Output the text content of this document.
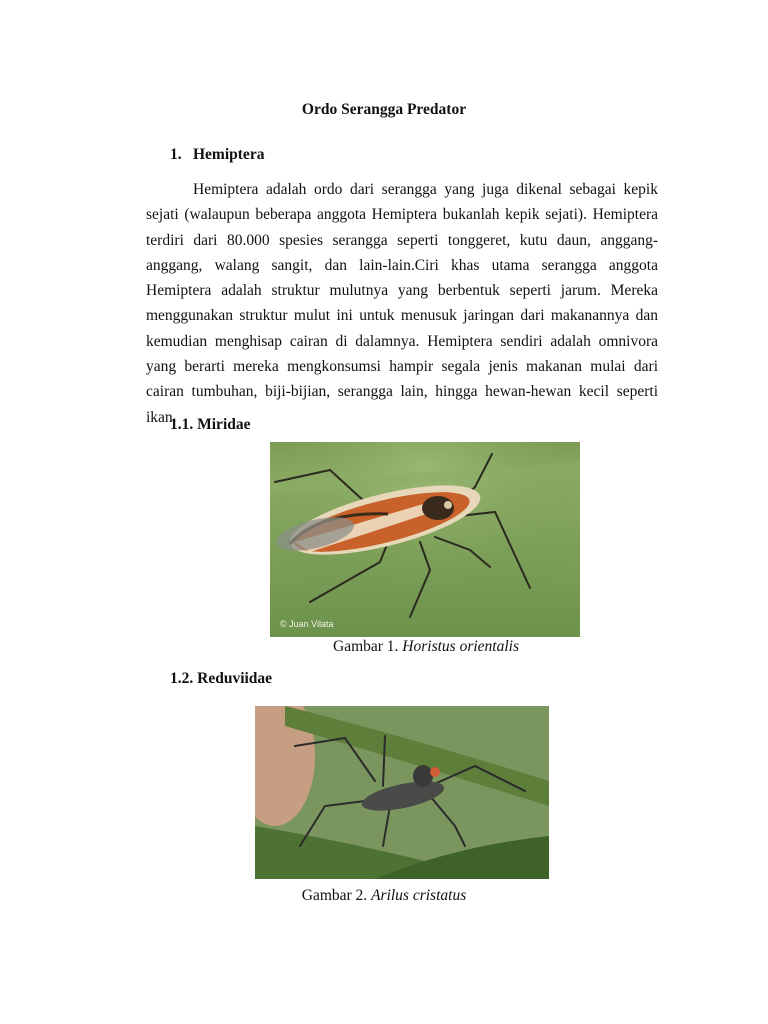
Ordo Serangga Predator
1. Hemiptera

Hemiptera adalah ordo dari serangga yang juga dikenal sebagai kepik sejati (walaupun beberapa anggota Hemiptera bukanlah kepik sejati). Hemiptera terdiri dari 80.000 spesies serangga seperti tonggeret, kutu daun, anggang-anggang, walang sangit, dan lain-lain.Ciri khas utama serangga anggota Hemiptera adalah struktur mulutnya yang berbentuk seperti jarum. Mereka menggunakan struktur mulut ini untuk menusuk jaringan dari makanannya dan kemudian menghisap cairan di dalamnya. Hemiptera sendiri adalah omnivora yang berarti mereka mengkonsumsi hampir segala jenis makanan mulai dari cairan tumbuhan, biji-bijian, serangga lain, hingga hewan-hewan kecil seperti ikan.

1.1. Miridae
© Juan Vilata
Gambar 1. Horistus orientalis
1.2. Reduviidae
Gambar 2. Arilus cristatus
